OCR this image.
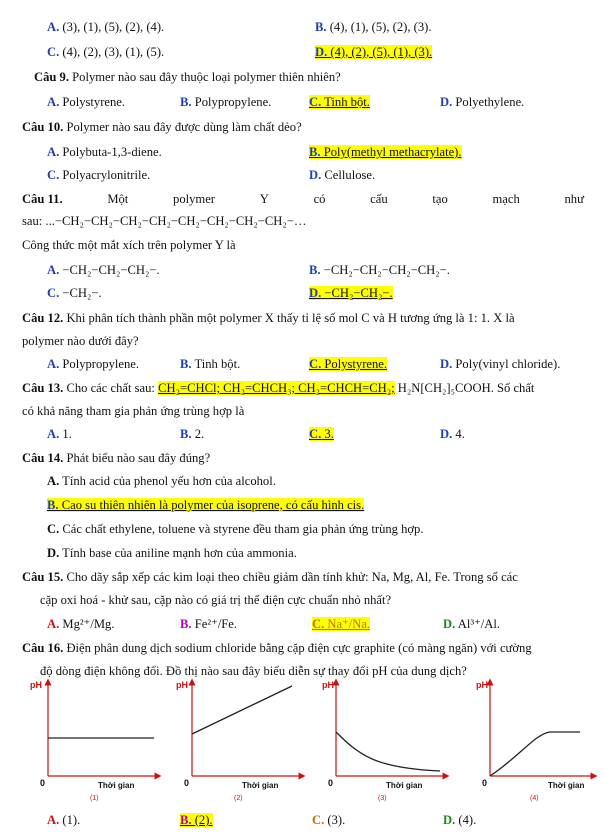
A. (3), (1), (5), (2), (4).	B. (4), (1), (5), (2), (3).
C. (4), (2), (3), (1), (5).	D. (4), (2), (5), (1), (3).
Câu 9. Polymer nào sau đây thuộc loại polymer thiên nhiên?
A. Polystyrene.	B. Polypropylene.	C. Tinh bột.	D. Polyethylene.
Câu 10. Polymer nào sau đây được dùng làm chất dẻo?
A. Polybuta-1,3-diene.	B. Poly(methyl methacrylate).
C. Polyacrylonitrile.	D. Cellulose.
Câu 11.	Một	polymer	Y	có	cấu	tạo	mạch	như
sau: ...−CH₂−CH₂−CH₂−CH₂−CH₂−CH₂−CH₂−CH₂−…
Công thức một mắt xích trên polymer Y là
A. −CH₂−CH₂−CH₂−.	B. −CH₂−CH₂−CH₂−CH₂−.
C. −CH₂−.	D. −CH₂−CH₂−.
Câu 12. Khi phân tích thành phần một polymer X thấy tỉ lệ số mol C và H tương ứng là 1: 1. X là
polymer nào dưới đây?
A. Polypropylene.	B. Tinh bột.	C. Polystyrene.	D. Poly(vinyl chloride).
Câu 13. Cho các chất sau: CH₂=CHCl; CH₂=CHCH₃; CH₂=CHCH=CH₂; H₂N[CH₂]₅COOH. Số chất
có khả năng tham gia phản ứng trùng hợp là
A. 1.	B. 2.	C. 3.	D. 4.
Câu 14. Phát biểu nào sau đây đúng?
A. Tính acid của phenol yếu hơn của alcohol.
B. Cao su thiên nhiên là polymer của isoprene, có cấu hình cis.
C. Các chất ethylene, toluene và styrene đều tham gia phản ứng trùng hợp.
D. Tính base của aniline mạnh hơn của ammonia.
Câu 15. Cho dãy sắp xếp các kim loại theo chiều giảm dần tính khử: Na, Mg, Al, Fe. Trong số các
cặp oxi hoá - khử sau, cặp nào có giá trị thế điện cực chuẩn nhỏ nhất?
A. Mg²⁺/Mg.	B. Fe²⁺/Fe.	C. Na⁺/Na.	D. Al³⁺/Al.
Câu 16. Điện phân dung dịch sodium chloride bằng cặp điện cực graphite (có màng ngăn) với cường
độ dòng điện không đổi. Đồ thị nào sau đây biểu diễn sự thay đổi pH của dung dịch?
pH
0	Thời gian
(1)
pH
0	Thời gian
(2)
pH
0	Thời gian
(3)
pH
0	Thời gian
(4)
A. (1).	B. (2).	C. (3).	D. (4).
